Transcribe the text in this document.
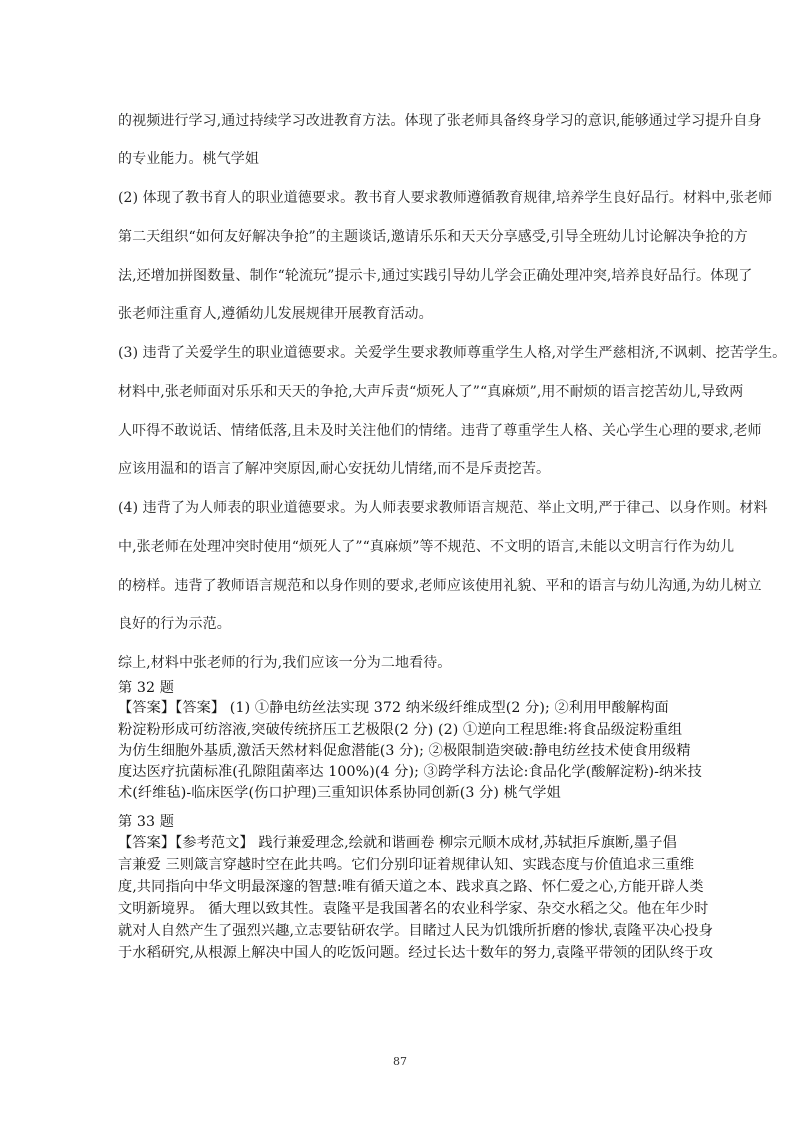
的视频进行学习,通过持续学习改进教育方法。体现了张老师具备终身学习的意识,能够通过学习提升自身
的专业能力。桃气学姐
(2) 体现了教书育人的职业道德要求。教书育人要求教师遵循教育规律,培养学生良好品行。材料中,张老师
第二天组织“如何友好解决争抢”的主题谈话,邀请乐乐和天天分享感受,引导全班幼儿讨论解决争抢的方
法,还增加拼图数量、制作“轮流玩”提示卡,通过实践引导幼儿学会正确处理冲突,培养良好品行。体现了
张老师注重育人,遵循幼儿发展规律开展教育活动。
(3) 违背了关爱学生的职业道德要求。关爱学生要求教师尊重学生人格,对学生严慈相济,不讽刺、挖苦学生。
材料中,张老师面对乐乐和天天的争抢,大声斥责“烦死人了”“真麻烦”,用不耐烦的语言挖苦幼儿,导致两
人吓得不敢说话、情绪低落,且未及时关注他们的情绪。违背了尊重学生人格、关心学生心理的要求,老师
应该用温和的语言了解冲突原因,耐心安抚幼儿情绪,而不是斥责挖苦。
(4) 违背了为人师表的职业道德要求。为人师表要求教师语言规范、举止文明,严于律己、以身作则。材料
中,张老师在处理冲突时使用“烦死人了”“真麻烦”等不规范、不文明的语言,未能以文明言行作为幼儿
的榜样。违背了教师语言规范和以身作则的要求,老师应该使用礼貌、平和的语言与幼儿沟通,为幼儿树立
良好的行为示范。
综上,材料中张老师的行为,我们应该一分为二地看待。
第 32 题
【答案】【答案】 (1) ①静电纺丝法实现 372 纳米级纤维成型(2 分); ②利用甲酸解构面
粉淀粉形成可纺溶液,突破传统挤压工艺极限(2 分) (2) ①逆向工程思维:将食品级淀粉重组
为仿生细胞外基质,激活天然材料促愈潜能(3 分); ②极限制造突破:静电纺丝技术使食用级精
度达医疗抗菌标准(孔隙阻菌率达 100%)(4 分); ③跨学科方法论:食品化学(酸解淀粉)-纳米技
术(纤维毡)-临床医学(伤口护理)三重知识体系协同创新(3 分) 桃气学姐
第 33 题
【答案】【参考范文】 践行兼爱理念,绘就和谐画卷 柳宗元顺木成材,苏轼拒斥旗断,墨子倡
言兼爱 三则箴言穿越时空在此共鸣。它们分别印证着规律认知、实践态度与价值追求三重维
度,共同指向中华文明最深邃的智慧:唯有循天道之本、践求真之路、怀仁爱之心,方能开辟人类
文明新境界。 循大理以致其性。袁隆平是我国著名的农业科学家、杂交水稻之父。他在年少时
就对人自然产生了强烈兴趣,立志要钻研农学。目睹过人民为饥饿所折磨的惨状,袁隆平决心投身
于水稻研究,从根源上解决中国人的吃饭问题。经过长达十数年的努力,袁隆平带领的团队终于攻
87
